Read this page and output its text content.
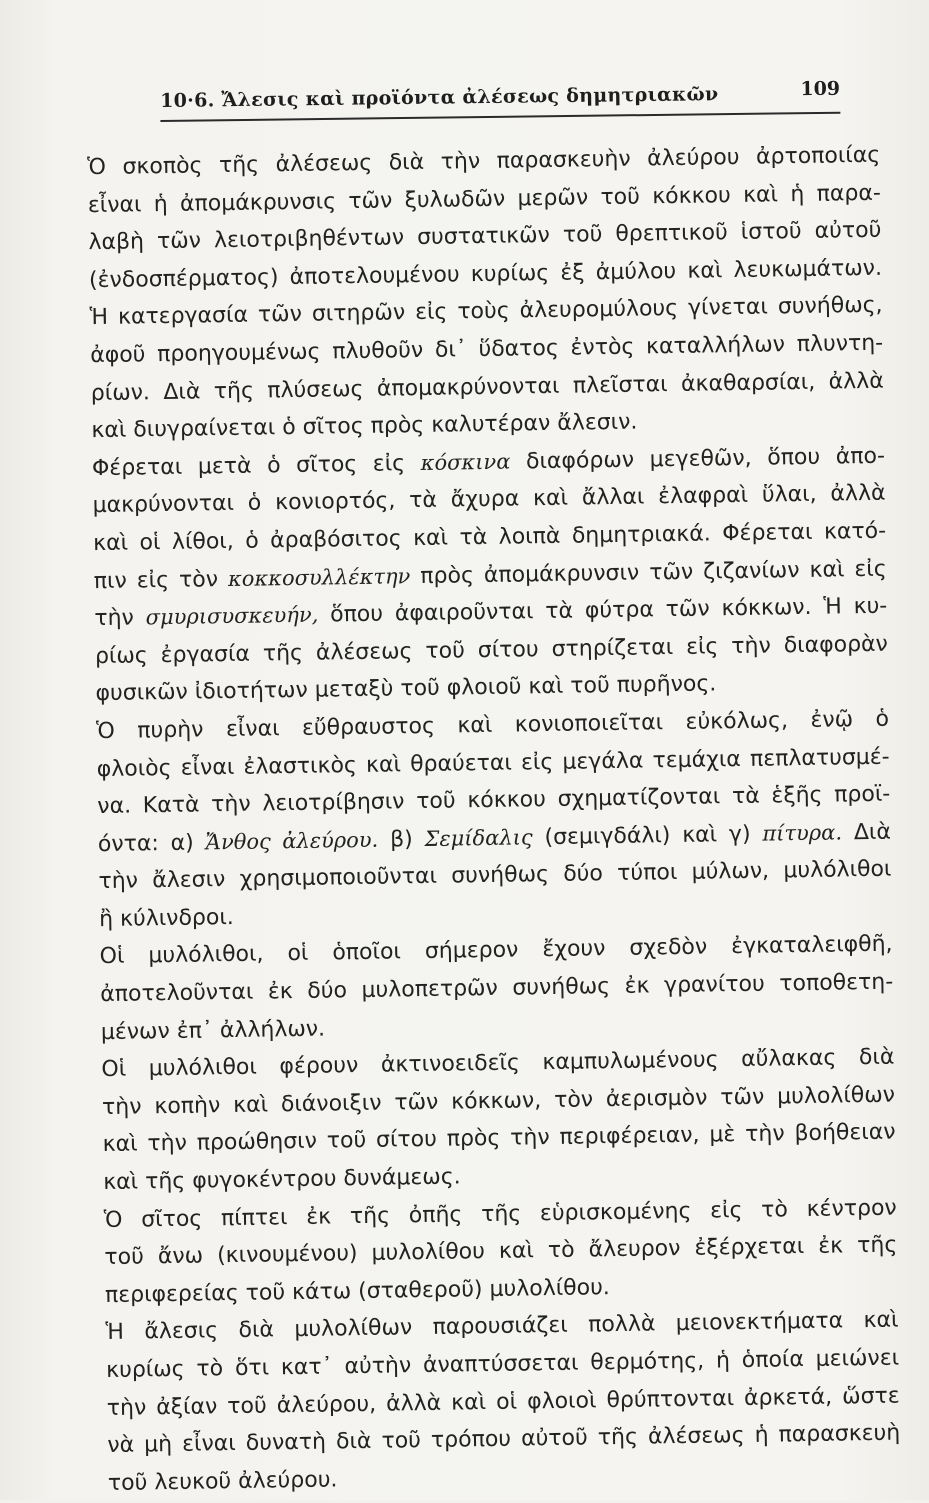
10·6. Ἄλεσις καὶ προϊόντα ἀλέσεως δημητριακῶν	109

Ὁ σκοπὸς τῆς ἀλέσεως διὰ τὴν παρασκευὴν ἀλεύρου ἀρτοποιίας
εἶναι ἡ ἀπομάκρυνσις τῶν ξυλωδῶν μερῶν τοῦ κόκκου καὶ ἡ παρα-
λαβὴ τῶν λειοτριβηθέντων συστατικῶν τοῦ θρεπτικοῦ ἱστοῦ αὐτοῦ
(ἐνδοσπέρματος) ἀποτελουμένου κυρίως ἐξ ἀμύλου καὶ λευκωμάτων.
Ἡ κατεργασία τῶν σιτηρῶν εἰς τοὺς ἀλευρομύλους γίνεται συνήθως,
ἀφοῦ προηγουμένως πλυθοῦν δι᾽ ὕδατος ἐντὸς καταλλήλων πλυντη-
ρίων. Διὰ τῆς πλύσεως ἀπομακρύνονται πλεῖσται ἀκαθαρσίαι, ἀλλὰ
καὶ διυγραίνεται ὁ σῖτος πρὸς καλυτέραν ἄλεσιν.

Φέρεται μετὰ ὁ σῖτος εἰς κόσκινα διαφόρων μεγεθῶν, ὅπου ἀπο-
μακρύνονται ὁ κονιορτός, τὰ ἄχυρα καὶ ἄλλαι ἐλαφραὶ ὕλαι, ἀλλὰ
καὶ οἱ λίθοι, ὁ ἀραβόσιτος καὶ τὰ λοιπὰ δημητριακά. Φέρεται κατό-
πιν εἰς τὸν κοκκοσυλλέκτην πρὸς ἀπομάκρυνσιν τῶν ζιζανίων καὶ εἰς
τὴν σμυρισυσκευήν, ὅπου ἀφαιροῦνται τὰ φύτρα τῶν κόκκων. Ἡ κυ-
ρίως ἐργασία τῆς ἀλέσεως τοῦ σίτου στηρίζεται εἰς τὴν διαφορὰν
φυσικῶν ἰδιοτήτων μεταξὺ τοῦ φλοιοῦ καὶ τοῦ πυρῆνος.

Ὁ πυρὴν εἶναι εὔθραυστος καὶ κονιοποιεῖται εὐκόλως, ἐνῷ ὁ
φλοιὸς εἶναι ἐλαστικὸς καὶ θραύεται εἰς μεγάλα τεμάχια πεπλατυσμέ-
να. Κατὰ τὴν λειοτρίβησιν τοῦ κόκκου σχηματίζονται τὰ ἑξῆς προϊ-
όντα: α) Ἄνθος ἀλεύρου. β) Σεμίδαλις (σεμιγδάλι) καὶ γ) πίτυρα. Διὰ
τὴν ἄλεσιν χρησιμοποιοῦνται συνήθως δύο τύποι μύλων, μυλόλιθοι
ἢ κύλινδροι.

Οἱ μυλόλιθοι, οἱ ὁποῖοι σήμερον ἔχουν σχεδὸν ἐγκαταλειφθῆ,
ἀποτελοῦνται ἐκ δύο μυλοπετρῶν συνήθως ἐκ γρανίτου τοποθετη-
μένων ἐπ᾽ ἀλλήλων.

Οἱ μυλόλιθοι φέρουν ἀκτινοειδεῖς καμπυλωμένους αὔλακας διὰ
τὴν κοπὴν καὶ διάνοιξιν τῶν κόκκων, τὸν ἀερισμὸν τῶν μυλολίθων
καὶ τὴν προώθησιν τοῦ σίτου πρὸς τὴν περιφέρειαν, μὲ τὴν βοήθειαν
καὶ τῆς φυγοκέντρου δυνάμεως.

Ὁ σῖτος πίπτει ἐκ τῆς ὀπῆς τῆς εὑρισκομένης εἰς τὸ κέντρον
τοῦ ἄνω (κινουμένου) μυλολίθου καὶ τὸ ἄλευρον ἐξέρχεται ἐκ τῆς
περιφερείας τοῦ κάτω (σταθεροῦ) μυλολίθου.

Ἡ ἄλεσις διὰ μυλολίθων παρουσιάζει πολλὰ μειονεκτήματα καὶ
κυρίως τὸ ὅτι κατ᾽ αὐτὴν ἀναπτύσσεται θερμότης, ἡ ὁποία μειώνει
τὴν ἀξίαν τοῦ ἀλεύρου, ἀλλὰ καὶ οἱ φλοιοὶ θρύπτονται ἀρκετά, ὥστε
νὰ μὴ εἶναι δυνατὴ διὰ τοῦ τρόπου αὐτοῦ τῆς ἀλέσεως ἡ παρασκευὴ
τοῦ λευκοῦ ἀλεύρου.
